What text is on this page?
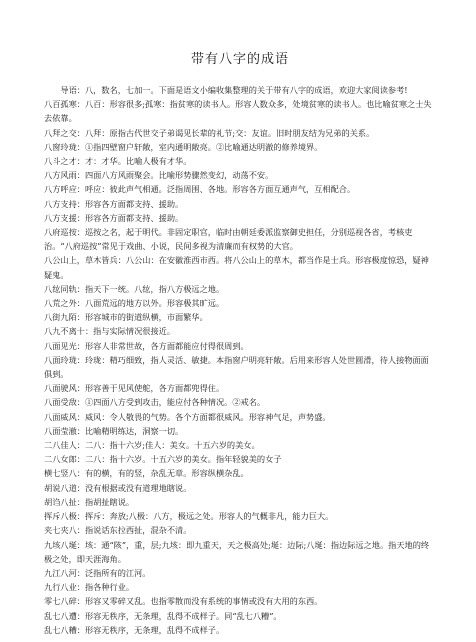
带有八字的成语

导语：八，数名，七加一。下面是语文小编收集整理的关于带有八字的成语，欢迎大家阅读参考!

八百孤寒：八百：形容很多;孤寒：指贫寒的读书人。形容人数众多，处境贫寒的读书人。也比喻贫寒之士失去依靠。

八拜之交：八拜：原指古代世交子弟谒见长辈的礼节;交：友谊。旧时朋友结为兄弟的关系。

八窗玲珑：①指四壁窗户轩敞，室内通明敞亮。②比喻通达明澈的修养境界。

八斗之才：才：才华。比喻人极有才华。

八方风雨：四面八方风雨聚会。比喻形势骤然变幻，动荡不安。

八方呼应：呼应：彼此声气相通。泛指周围、各地。形容各方面互通声气，互相配合。

八方支持：形容各方面都支持、援助。

八方支援：形容各方面都支持、援助。

八府巡按：巡按之名，起于明代。非固定职官，临时由朝廷委派监察御史担任，分别巡视各省，考核吏治。“八府巡按”常见于戏曲、小说，民间多视为清廉而有权势的大官。

八公山上，草木皆兵：八公山：在安徽淮西市西。将八公山上的草木，都当作是士兵。形容极度惊恐，疑神疑鬼。

八纮同轨：指天下一统。八纮，指八方极远之地。

八荒之外：八面荒远的地方以外。形容极其旷远。

八街九陌：形容城市的街道纵横，市面繁华。

八九不离十：指与实际情况很接近。

八面见光：形容人非常世故，各方面都能应付得很周到。

八面玲珑：玲珑：精巧细致，指人灵活、敏捷。本指窗户明亮轩敞。后用来形容人处世圆滑，待人接物面面俱到。

八面驶风：形容善于见风使舵，各方面都兜得住。

八面受敌：①四面八方受到攻击，能应付各种情况。②戒名。

八面威风：威风：令人敬畏的气势。各个方面都很威风。形容神气足，声势盛。

八面莹澈：比喻精明练达，洞察一切。

二八佳人：二八：指十六岁;佳人：美女。十五六岁的美女。

二八女郎：二八：指十六岁。十五六岁的美女。指年轻貌美的女子

横七竖八：有的横，有的竖，杂乱无章。形容纵横杂乱。

胡说八道：没有根据或没有道理地瞎说。

胡诌八扯：指胡扯瞎说。

挥斥八极：挥斥：奔放;八极：八方，极远之处。形容人的气概非凡，能力巨大。

夹七夹八：指说话东拉西扯，混杂不清。

九垓八埏：垓：通“陔”，重，层;九垓：即九重天，天之极高处;埏：边际;八埏：指边际远之地。指天地的终极之处，即天涯海角。

九江八河：泛指所有的江河。

九行八业：指各种行业。

零七八碎：形容又零碎又乱。也指零散而没有系统的事情或没有大用的东西。

乱七八遭：形容无秩序，无条理，乱得不成样子。同“乱七八糟”。

乱七八糟：形容无秩序，无条理，乱得不成样子。
